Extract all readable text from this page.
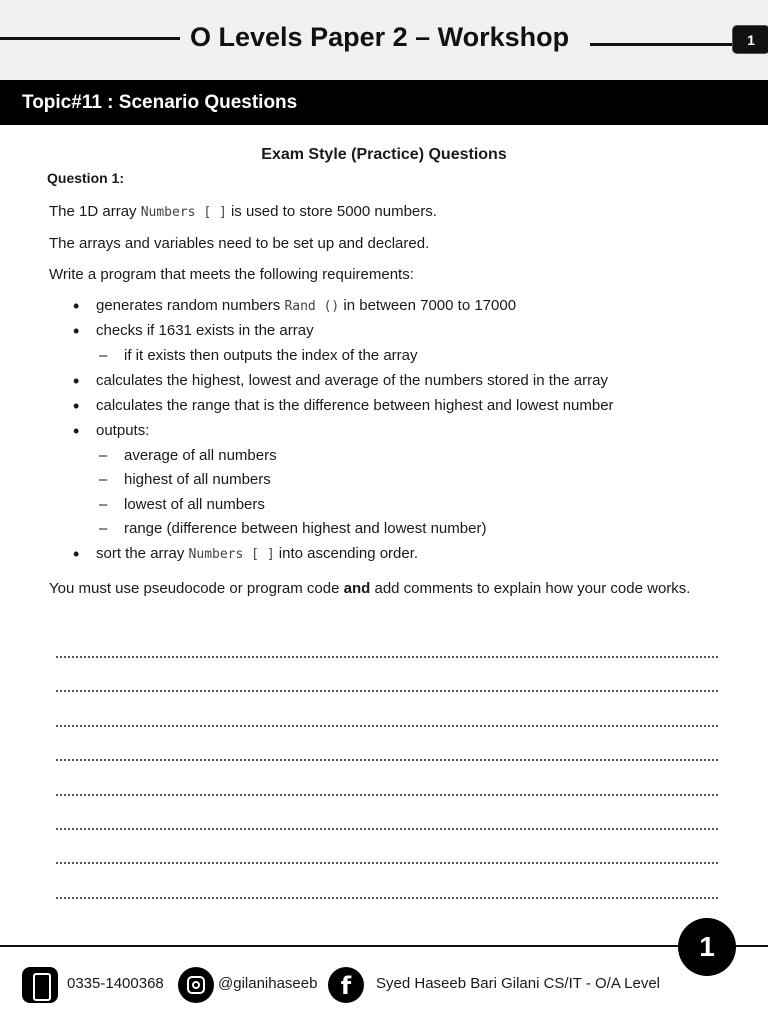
O Levels Paper 2 – Workshop	1
Topic#11 : Scenario Questions
Exam Style (Practice) Questions
Question 1:

The 1D array Numbers [ ] is used to store 5000 numbers.

The arrays and variables need to be set up and declared.

Write a program that meets the following requirements:

• generates random numbers Rand () in between 7000 to 17000
• checks if 1631 exists in the array
– if it exists then outputs the index of the array
• calculates the highest, lowest and average of the numbers stored in the array
• calculates the range that is the difference between highest and lowest number
• outputs:
– average of all numbers
– highest of all numbers
– lowest of all numbers
– range (difference between highest and lowest number)
• sort the array Numbers [ ] into ascending order.

You must use pseudocode or program code and add comments to explain how your code works.

1
0335-1400368	@gilanihaseeb f	Syed Haseeb Bari Gilani CS/IT - O/A Level
